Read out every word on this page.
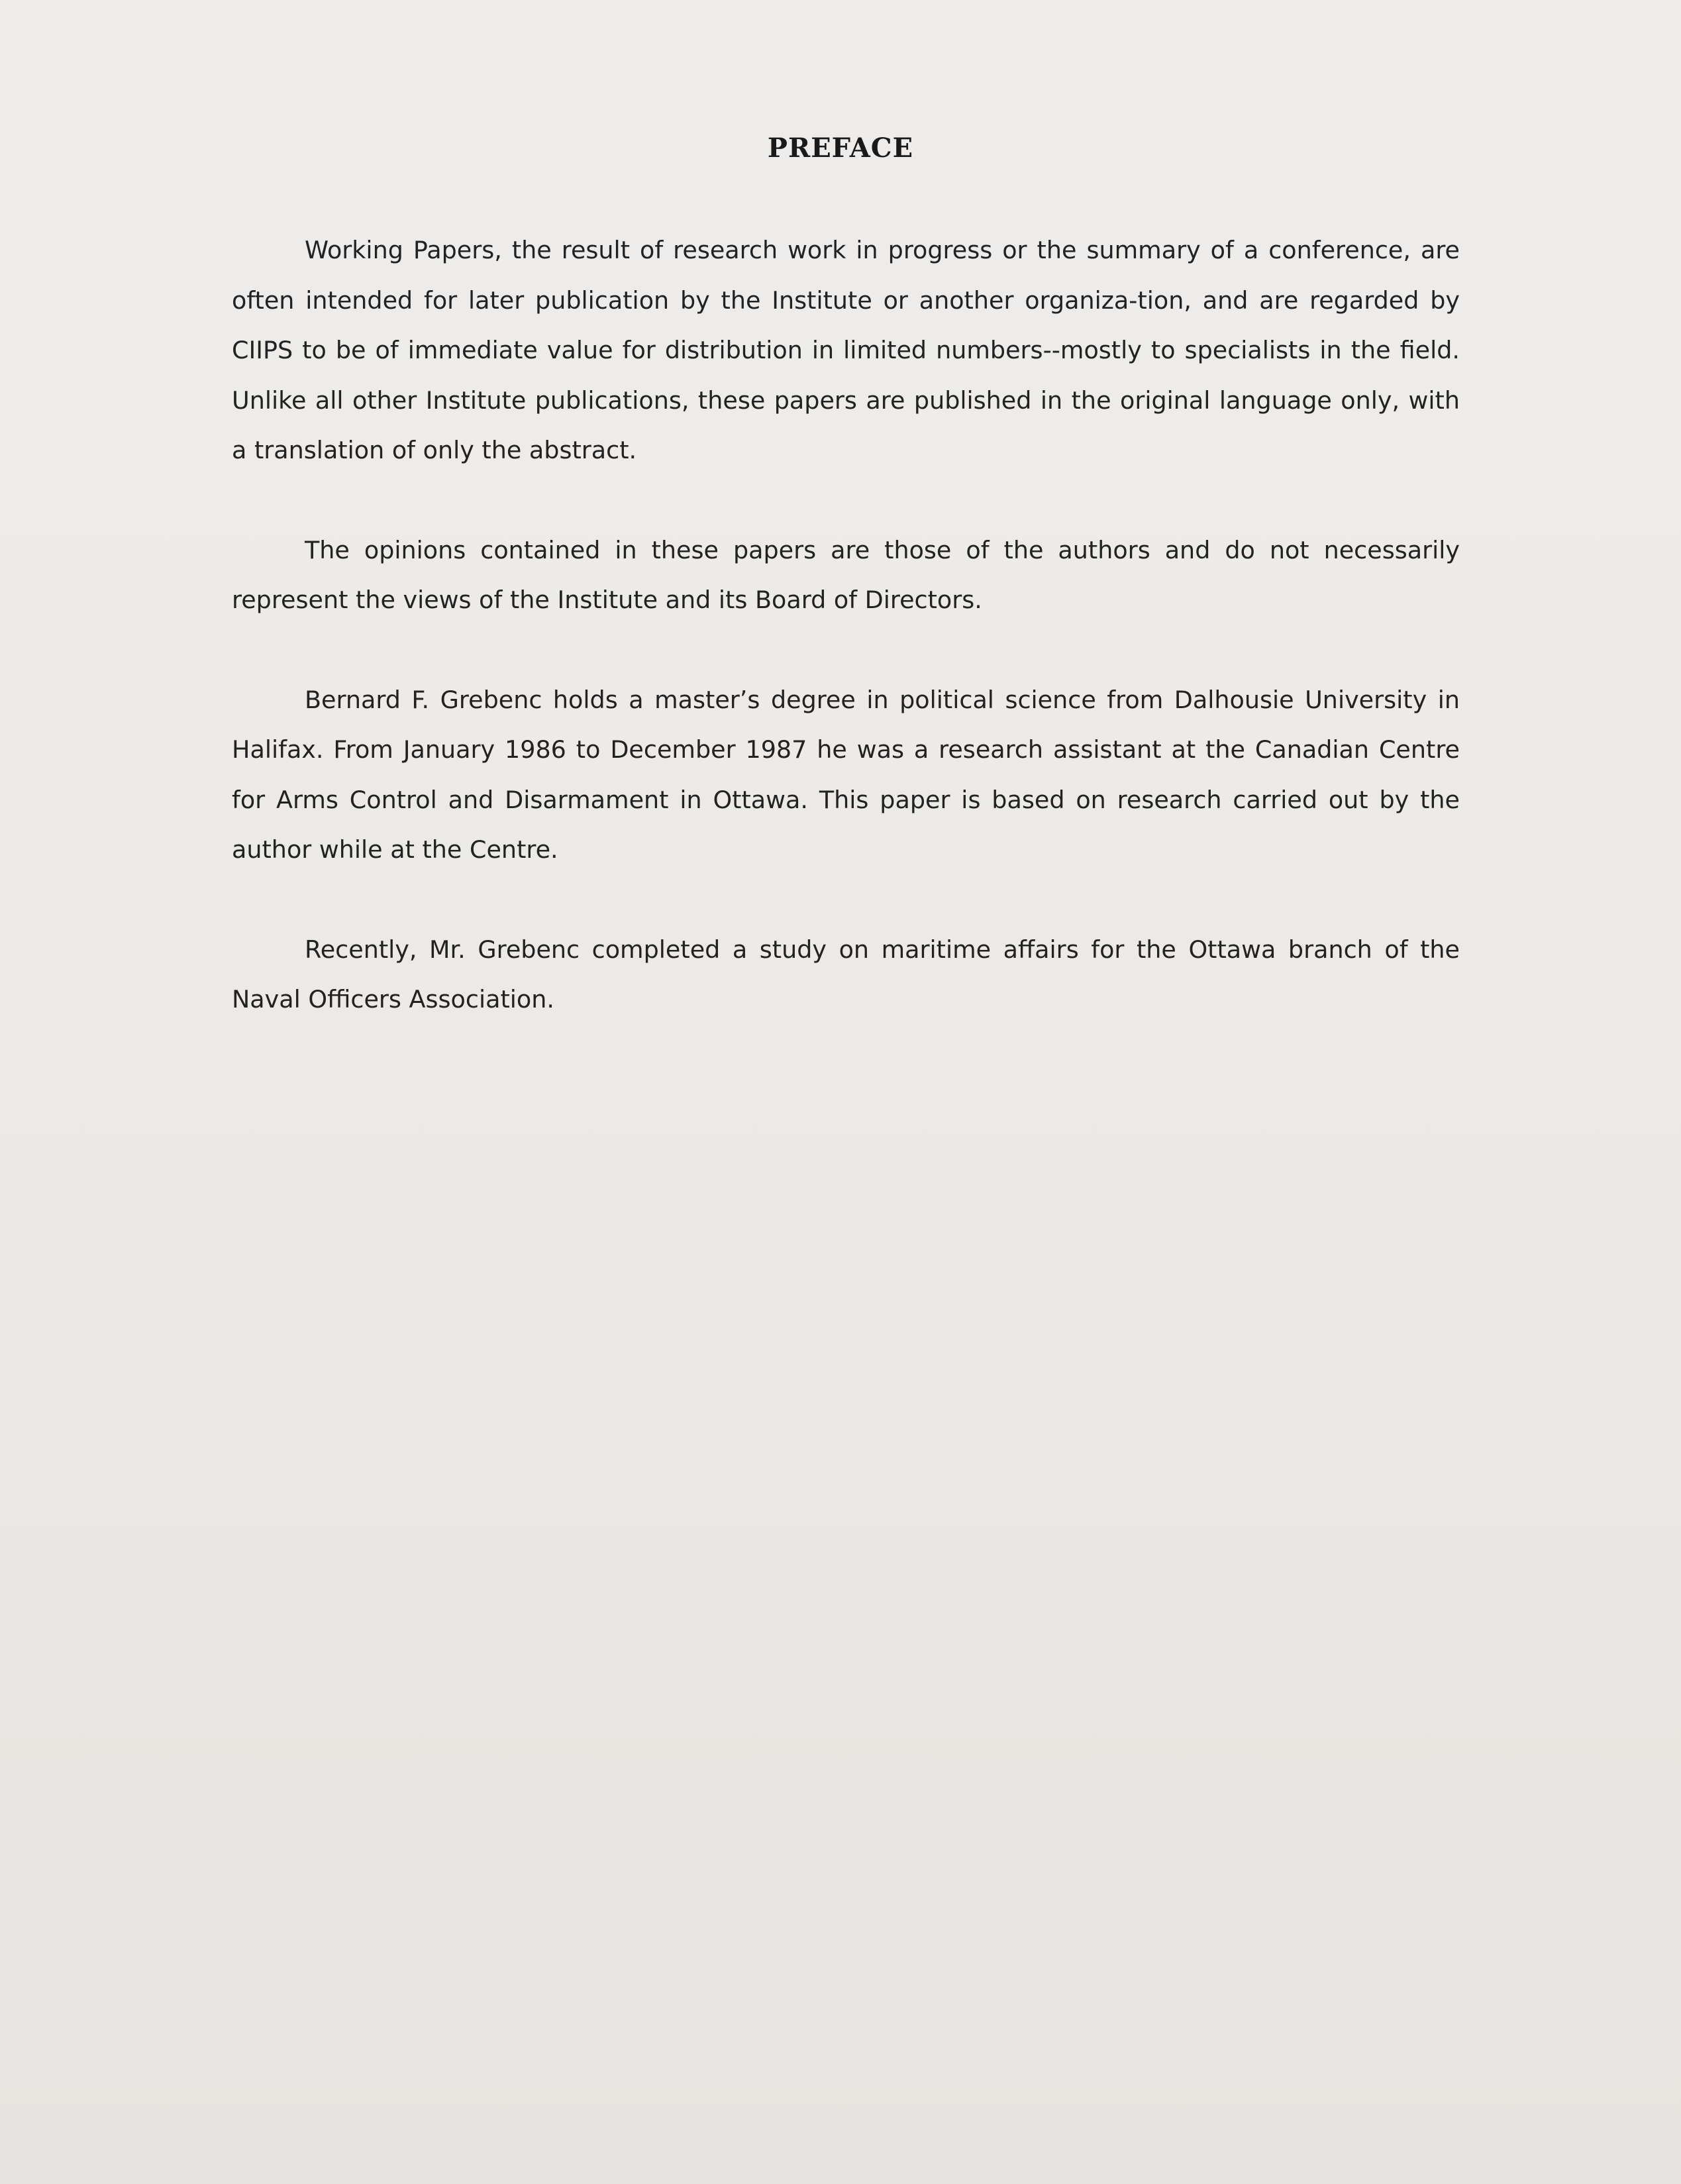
PREFACE

Working Papers, the result of research work in progress or the summary of a conference, are often intended for later publication by the Institute or another organiza-tion, and are regarded by CIIPS to be of immediate value for distribution in limited numbers--mostly to specialists in the field. Unlike all other Institute publications, these papers are published in the original language only, with a translation of only the abstract.

The opinions contained in these papers are those of the authors and do not necessarily represent the views of the Institute and its Board of Directors.

Bernard F. Grebenc holds a master’s degree in political science from Dalhousie University in Halifax. From January 1986 to December 1987 he was a research assistant at the Canadian Centre for Arms Control and Disarmament in Ottawa. This paper is based on research carried out by the author while at the Centre.

Recently, Mr. Grebenc completed a study on maritime affairs for the Ottawa branch of the Naval Officers Association.
